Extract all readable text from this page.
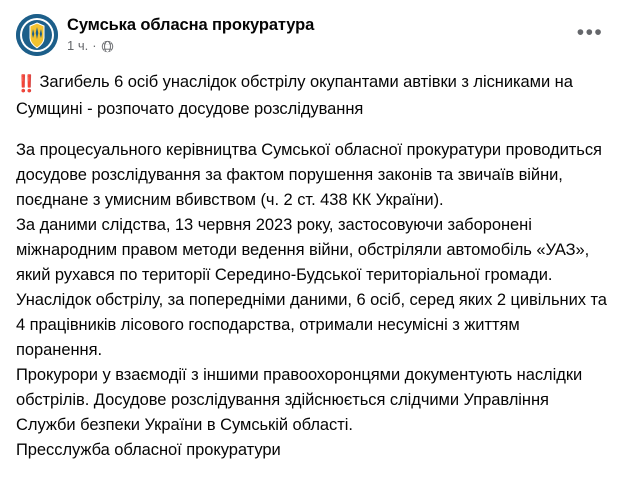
Сумська обласна прокуратура
1 ч. ·
•••
‼️ Загибель 6 осіб унаслідок обстрілу окупантами автівки з лісниками на Сумщині - розпочато досудове розслідування
За процесуального керівництва Сумської обласної прокуратури проводиться досудове розслідування за фактом порушення законів та звичаїв війни, поєднане з умисним вбивством (ч. 2 ст. 438 КК України).
За даними слідства, 13 червня 2023 року, застосовуючи заборонені міжнародним правом методи ведення війни, обстріляли автомобіль «УАЗ», який рухався по території Середино-Будської територіальної громади. Унаслідок обстрілу, за попередніми даними, 6 осіб, серед яких 2 цивільних та 4 працівників лісового господарства, отримали несумісні з життям поранення.
Прокурори у взаємодії з іншими правоохоронцями документують наслідки обстрілів. Досудове розслідування здійснюється слідчими Управління Служби безпеки України в Сумській області.
Пресслужба обласної прокуратури
